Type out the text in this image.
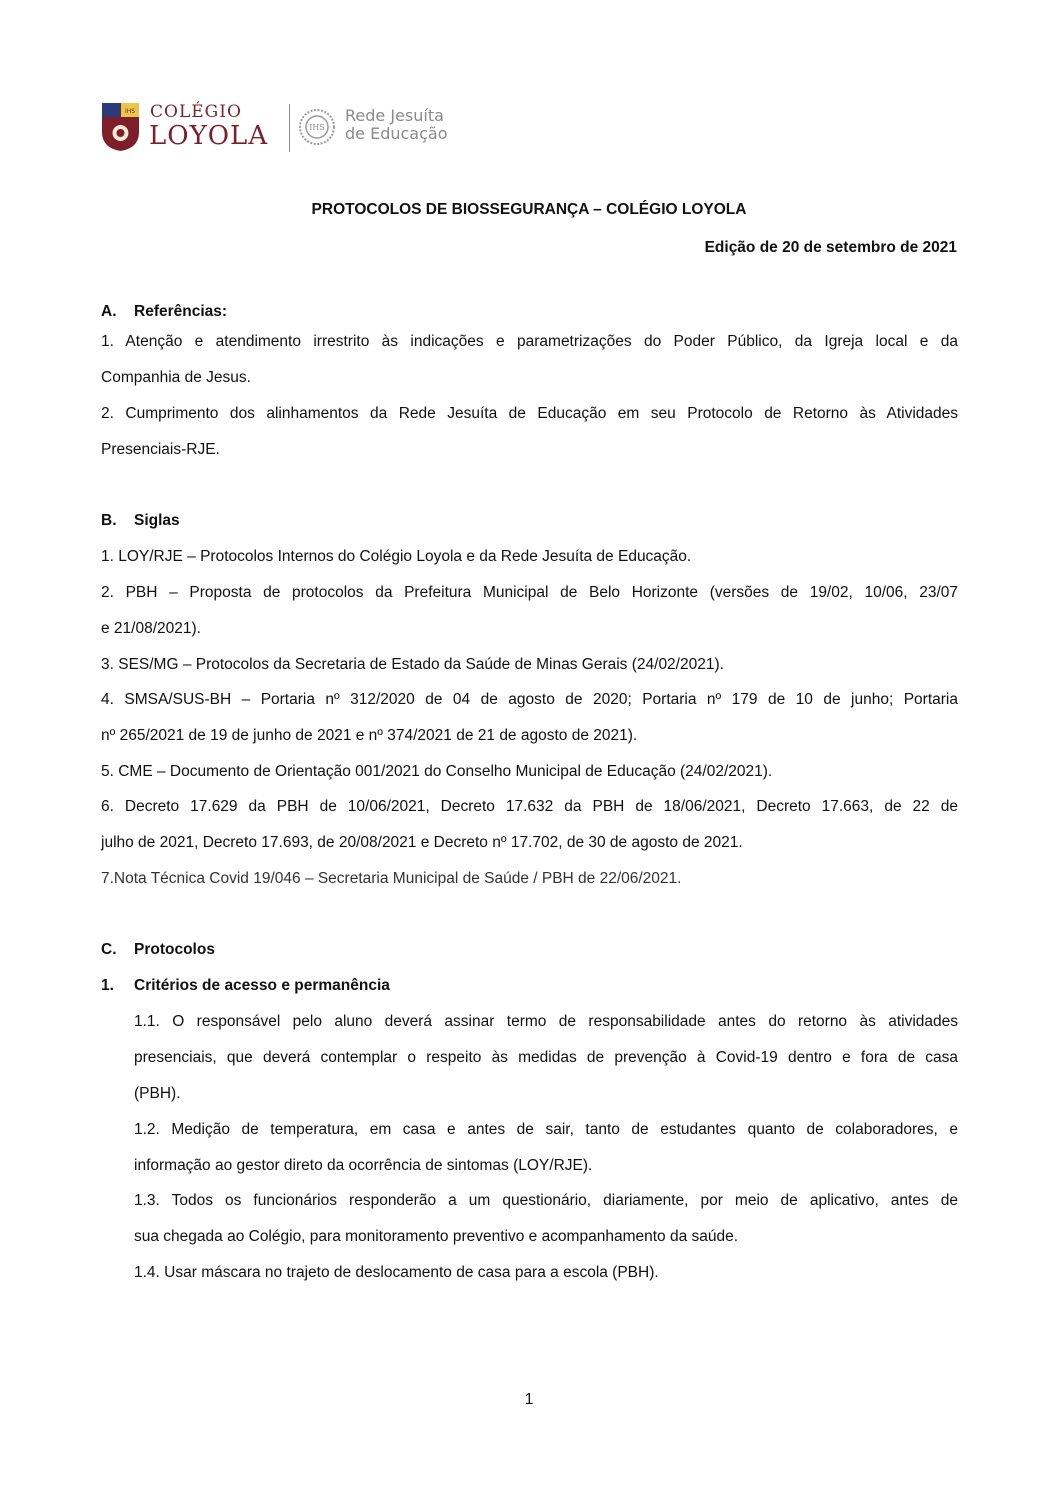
IHS COLÉGIO
LOYOLA	IHS
Rede Jesuíta
de Educação
PROTOCOLOS DE BIOSSEGURANÇA – COLÉGIO LOYOLA
Edição de 20 de setembro de 2021
A. Referências:
1. Atenção e atendimento irrestrito às indicações e parametrizações do Poder Público, da Igreja local e da
Companhia de Jesus.
2. Cumprimento dos alinhamentos da Rede Jesuíta de Educação em seu Protocolo de Retorno às Atividades
Presenciais-RJE.
B. Siglas
1. LOY/RJE – Protocolos Internos do Colégio Loyola e da Rede Jesuíta de Educação.
2. PBH – Proposta de protocolos da Prefeitura Municipal de Belo Horizonte (versões de 19/02, 10/06, 23/07
e 21/08/2021).
3. SES/MG – Protocolos da Secretaria de Estado da Saúde de Minas Gerais (24/02/2021).
4. SMSA/SUS-BH – Portaria nº 312/2020 de 04 de agosto de 2020; Portaria nº 179 de 10 de junho; Portaria
nº 265/2021 de 19 de junho de 2021 e nº 374/2021 de 21 de agosto de 2021).
5. CME – Documento de Orientação 001/2021 do Conselho Municipal de Educação (24/02/2021).
6. Decreto 17.629 da PBH de 10/06/2021, Decreto 17.632 da PBH de 18/06/2021, Decreto 17.663, de 22 de
julho de 2021, Decreto 17.693, de 20/08/2021 e Decreto nº 17.702, de 30 de agosto de 2021.
7.Nota Técnica Covid 19/046 – Secretaria Municipal de Saúde / PBH de 22/06/2021.
C. Protocolos
1. Critérios de acesso e permanência
1.1. O responsável pelo aluno deverá assinar termo de responsabilidade antes do retorno às atividades
presenciais, que deverá contemplar o respeito às medidas de prevenção à Covid-19 dentro e fora de casa
(PBH).
1.2. Medição de temperatura, em casa e antes de sair, tanto de estudantes quanto de colaboradores, e
informação ao gestor direto da ocorrência de sintomas (LOY/RJE).
1.3. Todos os funcionários responderão a um questionário, diariamente, por meio de aplicativo, antes de
sua chegada ao Colégio, para monitoramento preventivo e acompanhamento da saúde.
1.4. Usar máscara no trajeto de deslocamento de casa para a escola (PBH).
1
